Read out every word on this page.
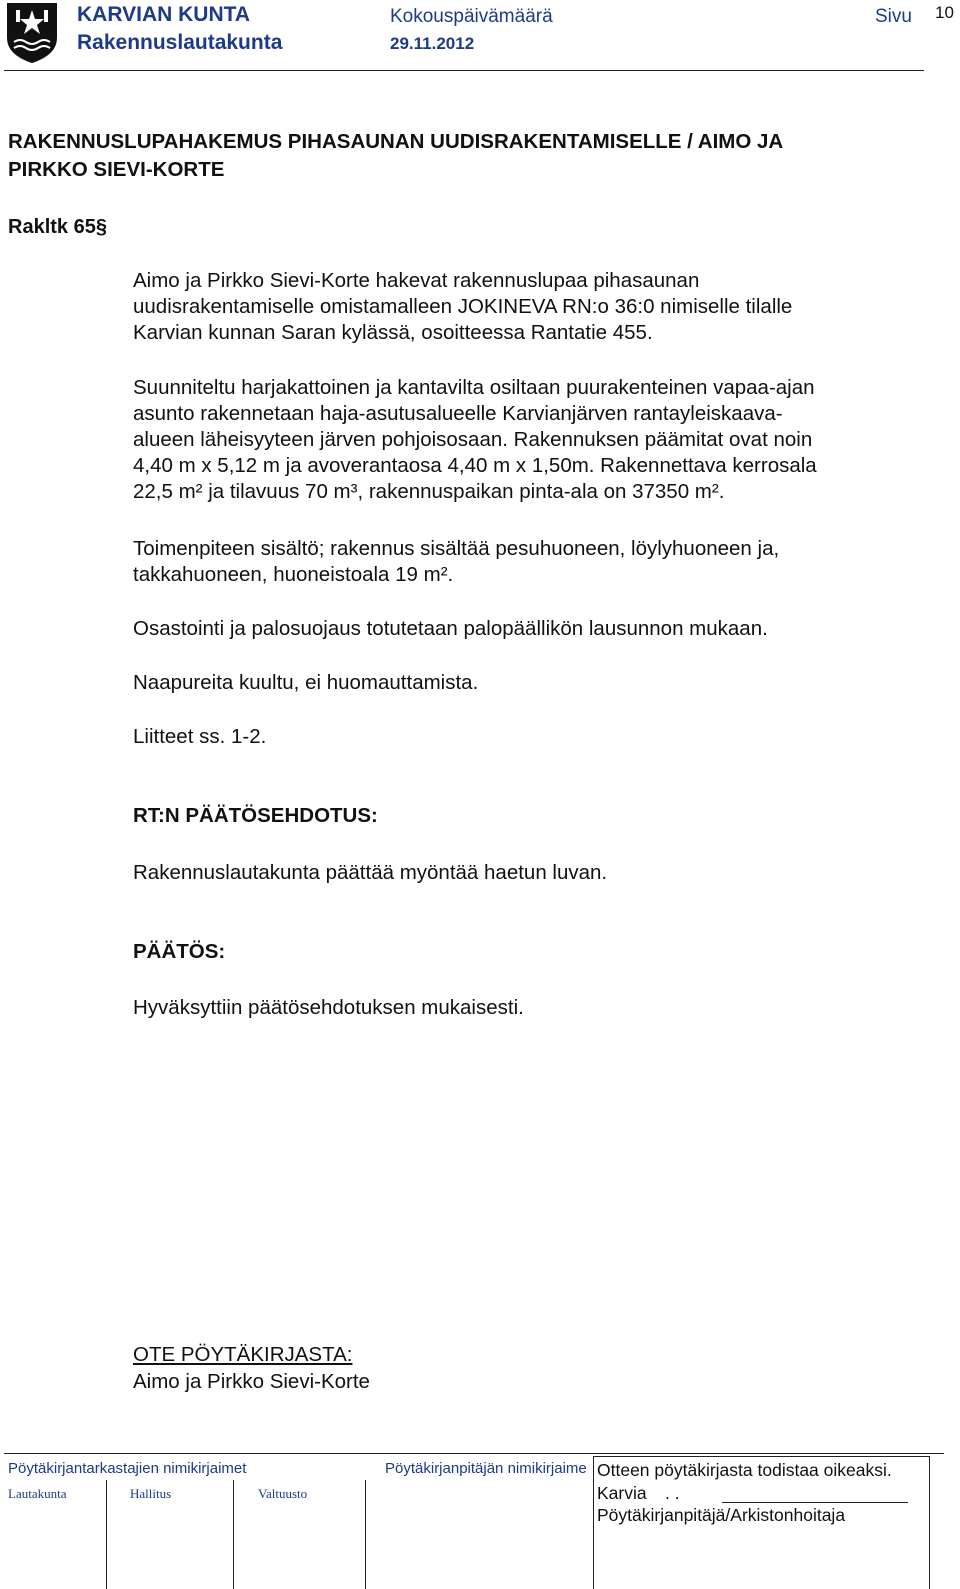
KARVIAN KUNTA
Rakennuslautakunta
Kokouspäivämäärä
29.11.2012
Sivu 10
RAKENNUSLUPAHAKEMUS PIHASAUNAN UUDISRAKENTAMISELLE / AIMO JA
PIRKKO SIEVI-KORTE
Rakltk 65§

Aimo ja Pirkko Sievi-Korte hakevat rakennuslupaa pihasaunan

uudisrakentamiselle omistamalleen JOKINEVA RN:o 36:0 nimiselle tilalle

Karvian kunnan Saran kylässä, osoitteessa Rantatie 455.

Suunniteltu harjakattoinen ja kantavilta osiltaan puurakenteinen vapaa-ajan

asunto rakennetaan haja-asutusalueelle Karvianjärven rantayleiskaava-

alueen läheisyyteen järven pohjoisosaan. Rakennuksen päämitat ovat noin

4,40 m x 5,12 m ja avoverantaosa 4,40 m x 1,50m. Rakennettava kerrosala

22,5 m² ja tilavuus 70 m³, rakennuspaikan pinta-ala on 37350 m².

Toimenpiteen sisältö; rakennus sisältää pesuhuoneen, löylyhuoneen ja,

takkahuoneen, huoneistoala 19 m².

Osastointi ja palosuojaus totutetaan palopäällikön lausunnon mukaan.

Naapureita kuultu, ei huomauttamista.

Liitteet ss. 1-2.

RT:N PÄÄTÖSEHDOTUS:
Rakennuslautakunta päättää myöntää haetun luvan.
PÄÄTÖS:
Hyväksyttiin päätösehdotuksen mukaisesti.
OTE PÖYTÄKIRJASTA:
Aimo ja Pirkko Sievi-Korte
Pöytäkirjantarkastajien nimikirjaimet	Pöytäkirjanpitäjän nimikirjaime
Lautakunta	Hallitus	Valtuusto
Otteen pöytäkirjasta todistaa oikeaksi.
Karvia . .
Pöytäkirjanpitäjä/Arkistonhoitaja
